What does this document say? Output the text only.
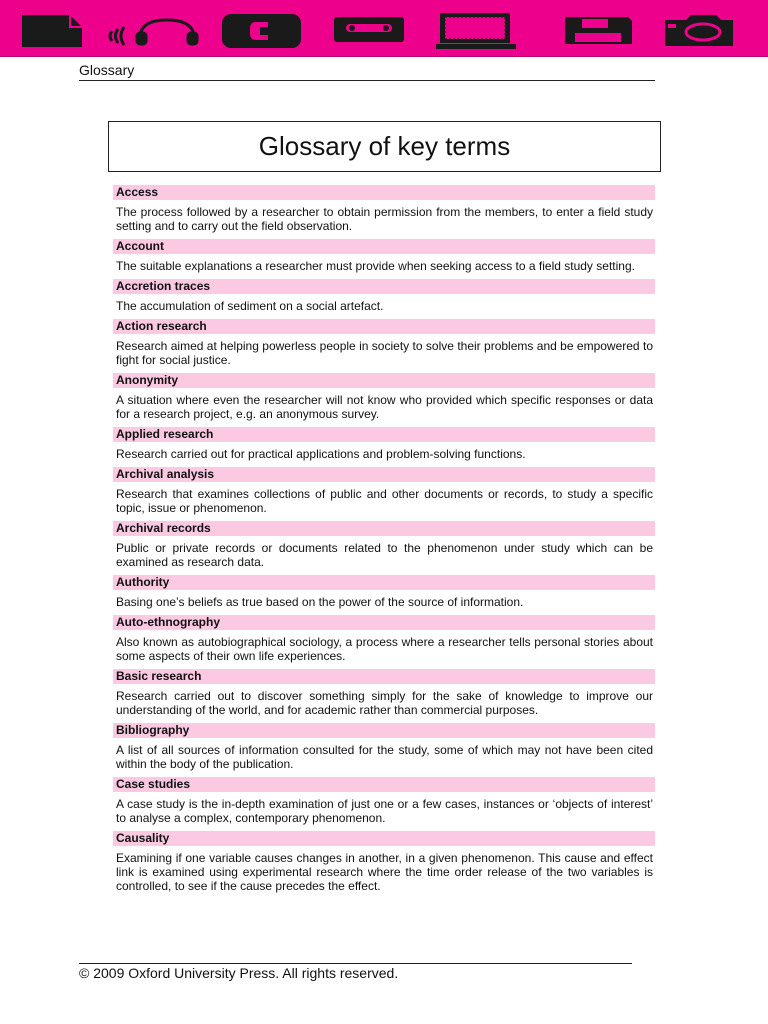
Glossary
Glossary of key terms
Access
The process followed by a researcher to obtain permission from the members, to enter a field study setting and to carry out the field observation.
Account
The suitable explanations a researcher must provide when seeking access to a field study setting.
Accretion traces
The accumulation of sediment on a social artefact.
Action research
Research aimed at helping powerless people in society to solve their problems and be empowered to fight for social justice.
Anonymity
A situation where even the researcher will not know who provided which specific responses or data for a research project, e.g. an anonymous survey.
Applied research
Research carried out for practical applications and problem-solving functions.
Archival analysis
Research that examines collections of public and other documents or records, to study a specific topic, issue or phenomenon.
Archival records
Public or private records or documents related to the phenomenon under study which can be examined as research data.
Authority
Basing one’s beliefs as true based on the power of the source of information.
Auto-ethnography
Also known as autobiographical sociology, a process where a researcher tells personal stories about some aspects of their own life experiences.
Basic research
Research carried out to discover something simply for the sake of knowledge to improve our understanding of the world, and for academic rather than commercial purposes.
Bibliography
A list of all sources of information consulted for the study, some of which may not have been cited within the body of the publication.
Case studies
A case study is the in-depth examination of just one or a few cases, instances or ‘objects of interest’ to analyse a complex, contemporary phenomenon.
Causality
Examining if one variable causes changes in another, in a given phenomenon. This cause and effect link is examined using experimental research where the time order release of the two variables is controlled, to see if the cause precedes the effect.
© 2009 Oxford University Press. All rights reserved.
